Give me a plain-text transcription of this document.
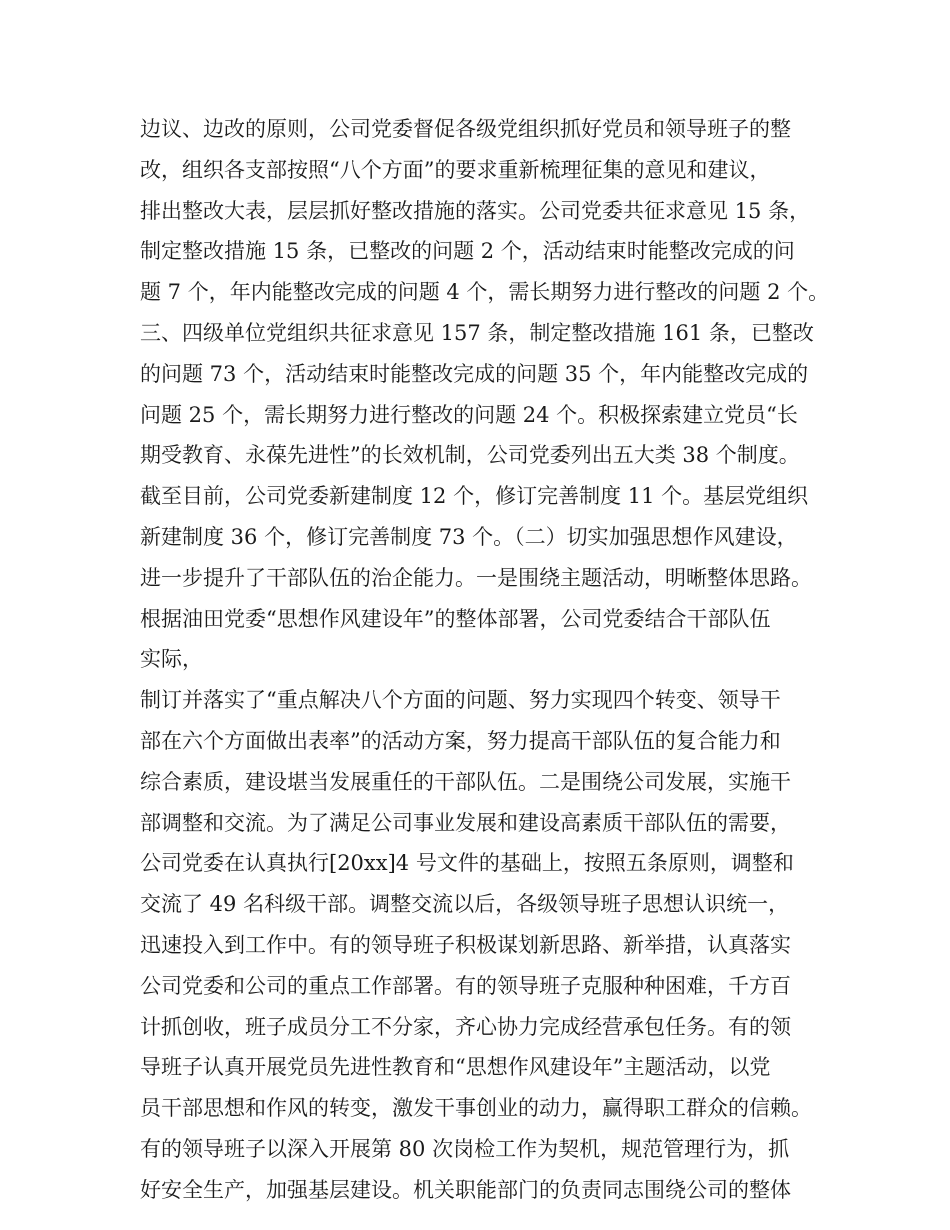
边议、边改的原则，公司党委督促各级党组织抓好党员和领导班子的整
改，组织各支部按照“八个方面”的要求重新梳理征集的意见和建议，
排出整改大表，层层抓好整改措施的落实。公司党委共征求意见 15 条，
制定整改措施 15 条，已整改的问题 2 个，活动结束时能整改完成的问
题 7 个，年内能整改完成的问题 4 个，需长期努力进行整改的问题 2 个。
三、四级单位党组织共征求意见 157 条，制定整改措施 161 条，已整改
的问题 73 个，活动结束时能整改完成的问题 35 个，年内能整改完成的
问题 25 个，需长期努力进行整改的问题 24 个。积极探索建立党员“长
期受教育、永葆先进性”的长效机制，公司党委列出五大类 38 个制度。
截至目前，公司党委新建制度 12 个，修订完善制度 11 个。基层党组织
新建制度 36 个，修订完善制度 73 个。（二）切实加强思想作风建设，
进一步提升了干部队伍的治企能力。一是围绕主题活动，明晰整体思路。
根据油田党委“思想作风建设年”的整体部署，公司党委结合干部队伍
实际，
制订并落实了“重点解决八个方面的问题、努力实现四个转变、领导干
部在六个方面做出表率”的活动方案，努力提高干部队伍的复合能力和
综合素质，建设堪当发展重任的干部队伍。二是围绕公司发展，实施干
部调整和交流。为了满足公司事业发展和建设高素质干部队伍的需要，
公司党委在认真执行[20xx]4 号文件的基础上，按照五条原则，调整和
交流了 49 名科级干部。调整交流以后，各级领导班子思想认识统一，
迅速投入到工作中。有的领导班子积极谋划新思路、新举措，认真落实
公司党委和公司的重点工作部署。有的领导班子克服种种困难，千方百
计抓创收，班子成员分工不分家，齐心协力完成经营承包任务。有的领
导班子认真开展党员先进性教育和“思想作风建设年”主题活动，以党
员干部思想和作风的转变，激发干事创业的动力，赢得职工群众的信赖。
有的领导班子以深入开展第 80 次岗检工作为契机，规范管理行为，抓
好安全生产，加强基层建设。机关职能部门的负责同志围绕公司的整体
